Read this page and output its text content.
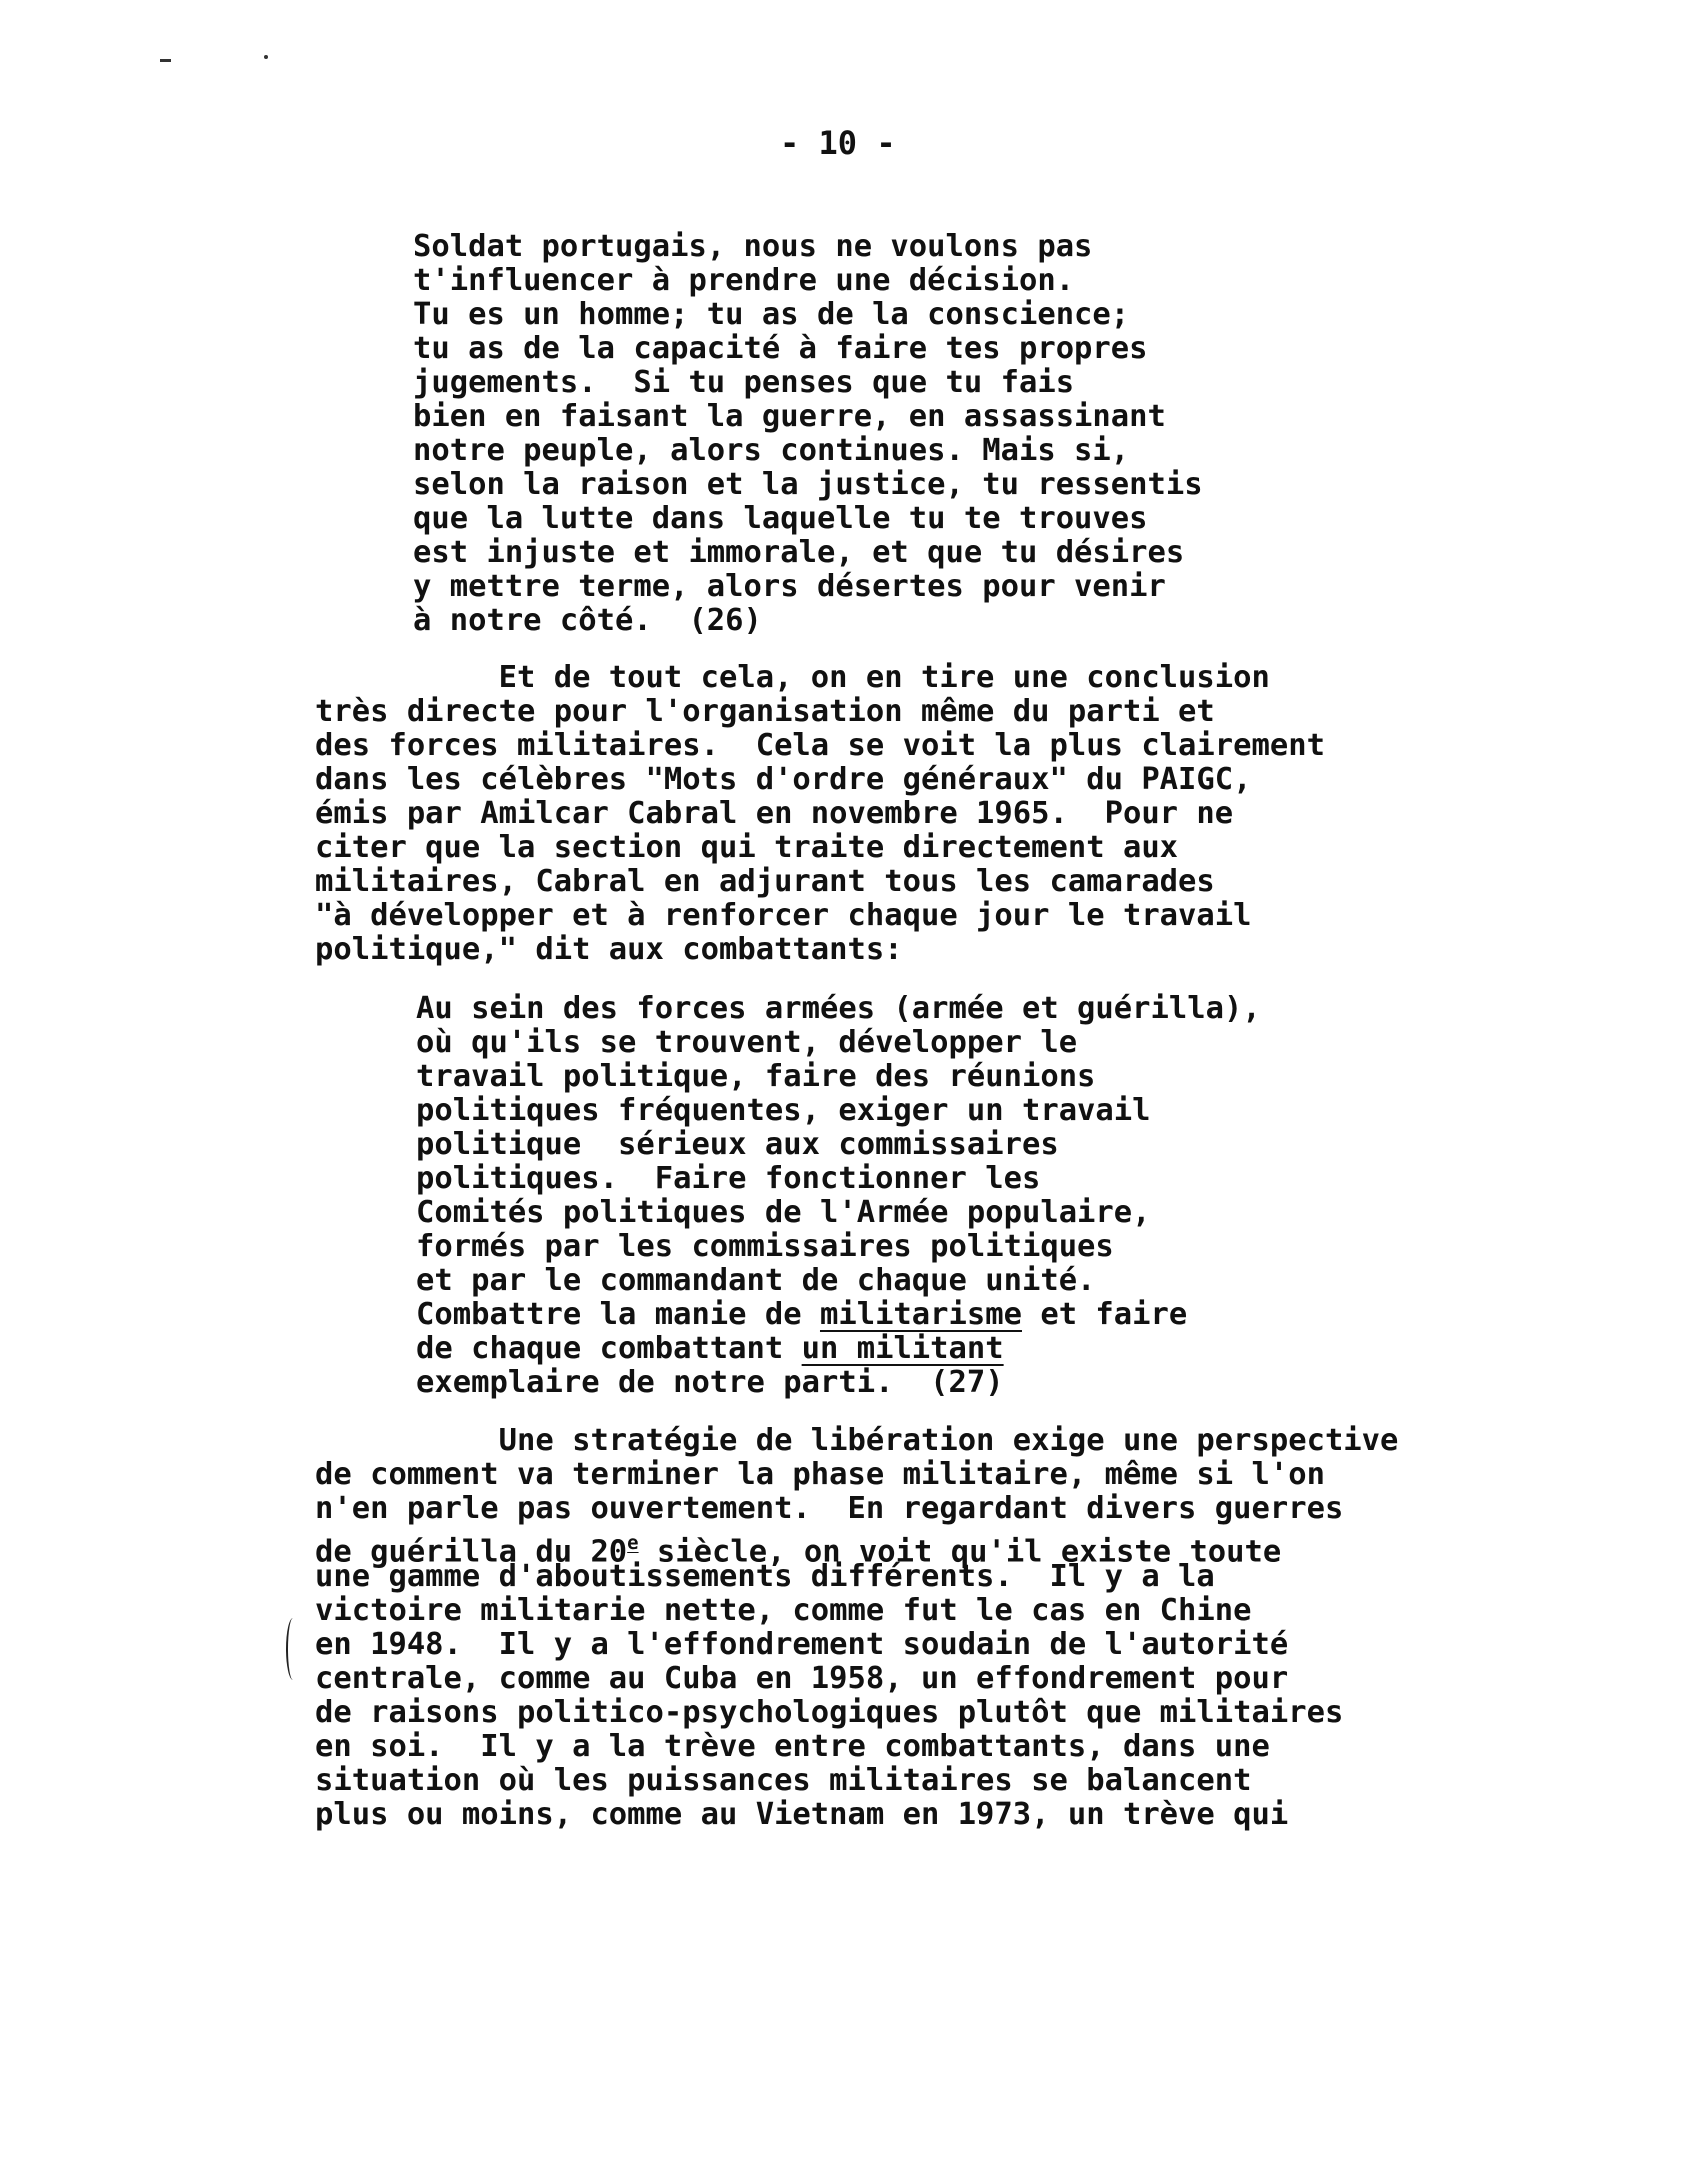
- 10 -
Soldat portugais, nous ne voulons pas
t'influencer à prendre une décision.
Tu es un homme; tu as de la conscience;
tu as de la capacité à faire tes propres
jugements.  Si tu penses que tu fais
bien en faisant la guerre, en assassinant
notre peuple, alors continues. Mais si,
selon la raison et la justice, tu ressentis
que la lutte dans laquelle tu te trouves
est injuste et immorale, et que tu désires
y mettre terme, alors désertes pour venir
à notre côté.  (26)
Et de tout cela, on en tire une conclusion
très directe pour l'organisation même du parti et
des forces militaires.  Cela se voit la plus clairement
dans les célèbres "Mots d'ordre généraux" du PAIGC,
émis par Amilcar Cabral en novembre 1965.  Pour ne
citer que la section qui traite directement aux
militaires, Cabral en adjurant tous les camarades
"à développer et à renforcer chaque jour le travail
politique," dit aux combattants:
Au sein des forces armées (armée et guérilla),
où qu'ils se trouvent, développer le
travail politique, faire des réunions
politiques fréquentes, exiger un travail
politique  sérieux aux commissaires
politiques.  Faire fonctionner les
Comités politiques de l'Armée populaire,
formés par les commissaires politiques
et par le commandant de chaque unité.
Combattre la manie de militarisme et faire
de chaque combattant un militant
exemplaire de notre parti.  (27)
Une stratégie de libération exige une perspective
de comment va terminer la phase militaire, même si l'on
n'en parle pas ouvertement.  En regardant divers guerres
de guérilla du 20e siècle, on voit qu'il existe toute
une gamme d'aboutissements différents.  Il y a la
victoire militarie nette, comme fut le cas en Chine
en 1948.  Il y a l'effondrement soudain de l'autorité
centrale, comme au Cuba en 1958, un effondrement pour
de raisons politico-psychologiques plutôt que militaires
en soi.  Il y a la trève entre combattants, dans une
situation où les puissances militaires se balancent
plus ou moins, comme au Vietnam en 1973, un trève qui
